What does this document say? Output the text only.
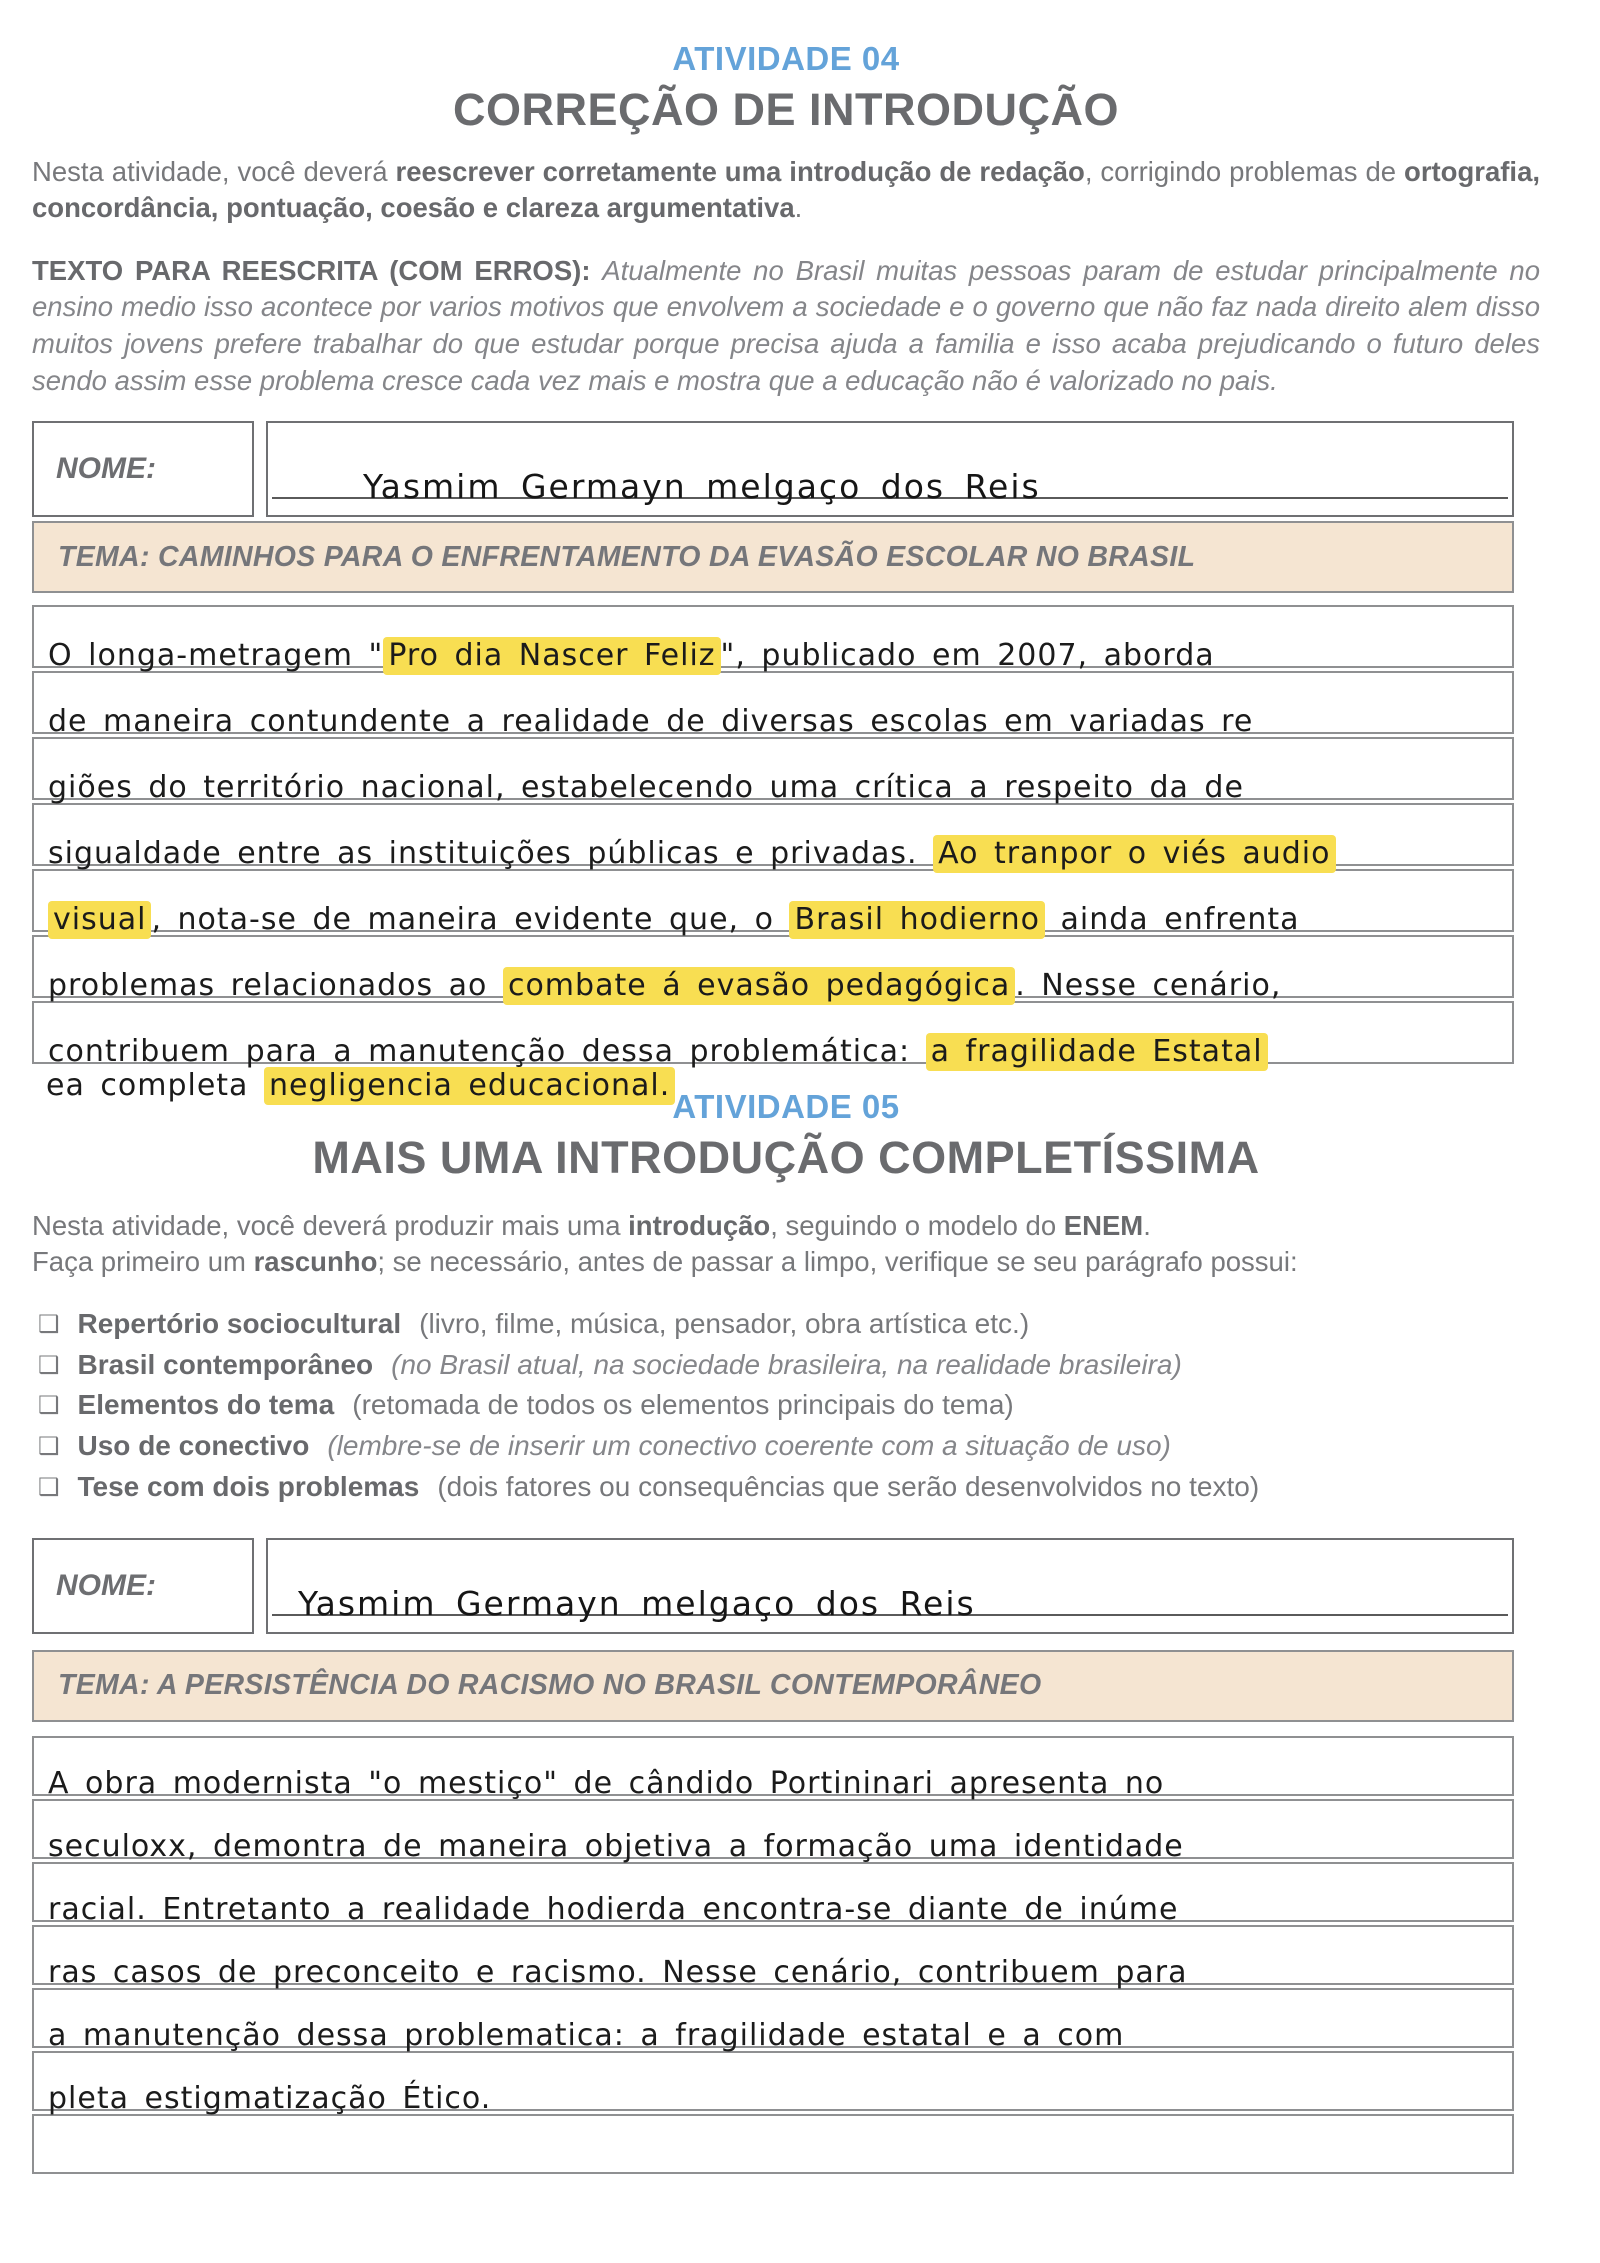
ATIVIDADE 04
CORREÇÃO DE INTRODUÇÃO

Nesta atividade, você deverá reescrever corretamente uma introdução de redação, corrigindo problemas de ortografia, concordância, pontuação, coesão e clareza argumentativa.

TEXTO PARA REESCRITA (COM ERROS): Atualmente no Brasil muitas pessoas param de estudar principalmente no ensino medio isso acontece por varios motivos que envolvem a sociedade e o governo que não faz nada direito alem disso muitos jovens prefere trabalhar do que estudar porque precisa ajuda a familia e isso acaba prejudicando o futuro deles sendo assim esse problema cresce cada vez mais e mostra que a educação não é valorizado no pais.

NOME:	Yasmim Germayn melgaço dos Reis
TEMA: CAMINHOS PARA O ENFRENTAMENTO DA EVASÃO ESCOLAR NO BRASIL
O longa-metragem " Pro dia Nascer Feliz ", publicado em 2007, aborda
de maneira contundente a realidade de diversas escolas em variadas re
giões do território nacional, estabelecendo uma crítica a respeito da de
sigualdade entre as instituições públicas e privadas. Ao tranpor o viés audio
visual , nota-se de maneira evidente que, o Brasil hodierno ainda enfrenta
problemas relacionados ao combate á evasão pedagógica . Nesse cenário,
contribuem para a manutenção dessa problemática: a fragilidade Estatal
ea completa negligencia educacional.
ATIVIDADE 05
MAIS UMA INTRODUÇÃO COMPLETÍSSIMA

Nesta atividade, você deverá produzir mais uma introdução, seguindo o modelo do ENEM.
Faça primeiro um rascunho; se necessário, antes de passar a limpo, verifique se seu parágrafo possui:

❑ Repertório sociocultural (livro, filme, música, pensador, obra artística etc.)
❑ Brasil contemporâneo (no Brasil atual, na sociedade brasileira, na realidade brasileira)
❑ Elementos do tema (retomada de todos os elementos principais do tema)
❑ Uso de conectivo (lembre-se de inserir um conectivo coerente com a situação de uso)
❑ Tese com dois problemas (dois fatores ou consequências que serão desenvolvidos no texto)
NOME:	Yasmim Germayn melgaço dos Reis
TEMA: A PERSISTÊNCIA DO RACISMO NO BRASIL CONTEMPORÂNEO
A obra modernista "o mestiço" de cândido Portininari apresenta no
seculoxx, demontra de maneira objetiva a formação uma identidade
racial. Entretanto a realidade hodierda encontra-se diante de inúme
ras casos de preconceito e racismo. Nesse cenário, contribuem para
a manutenção dessa problematica: a fragilidade estatal e a com
pleta estigmatização Ético.
